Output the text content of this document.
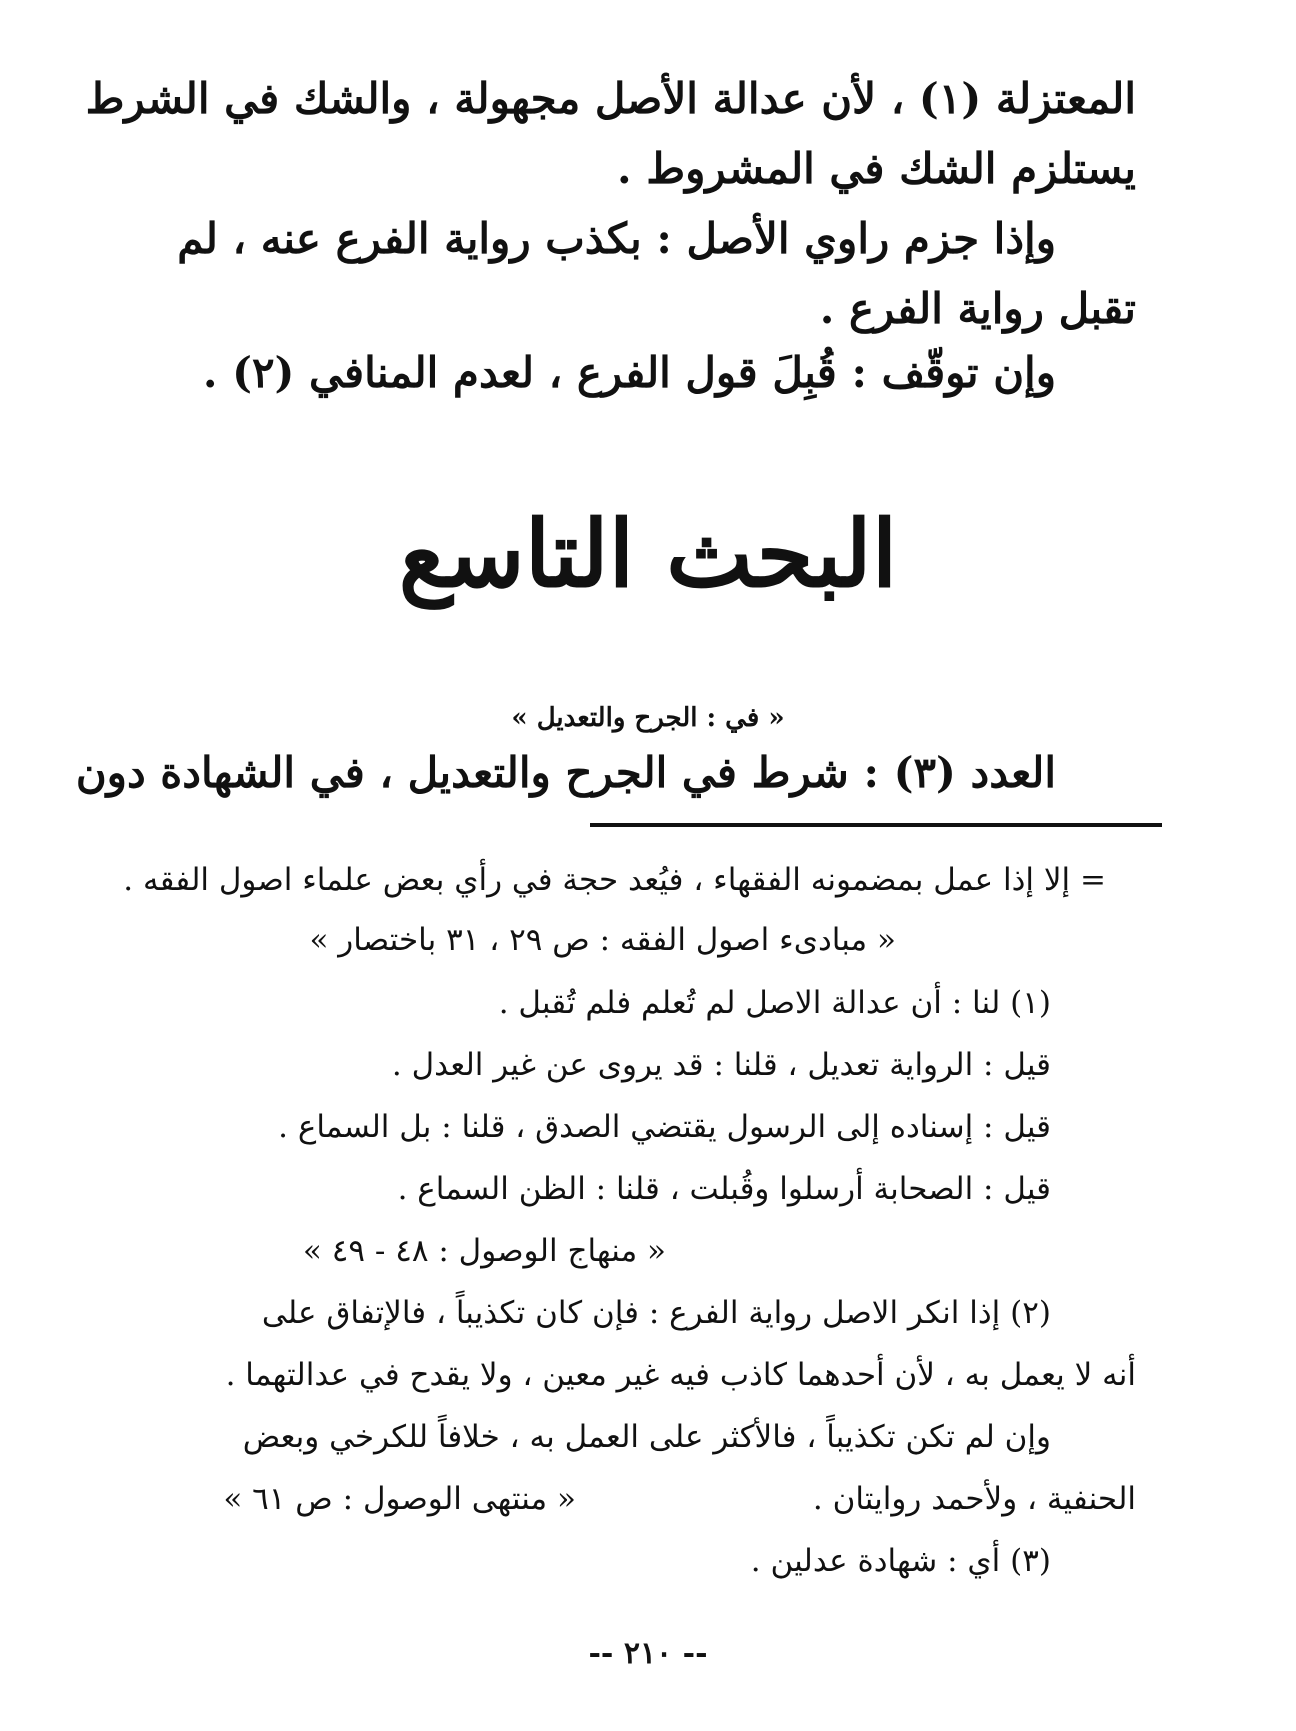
المعتزلة (١) ، لأن عدالة الأصل مجهولة ، والشك في الشرط

يستلزم الشك في المشروط .

وإذا جزم راوي الأصل : بكذب رواية الفرع عنه ، لم

تقبل رواية الفرع .

وإن توقّف : قُبِلَ قول الفرع ، لعدم المنافي (٢) .

البحث التاسع
« في : الجرح والتعديل »

العدد (٣) : شرط في الجرح والتعديل ، في الشهادة دون

= إلا إذا عمل بمضمونه الفقهاء ، فيُعد حجة في رأي بعض علماء اصول الفقه .

« مبادىء اصول الفقه : ص ٢٩ ، ٣١ باختصار »

(١) لنا : أن عدالة الاصل لم تُعلم فلم تُقبل .

قيل : الرواية تعديل ، قلنا : قد يروى عن غير العدل .

قيل : إسناده إلى الرسول يقتضي الصدق ، قلنا : بل السماع .

قيل : الصحابة أرسلوا وقُبلت ، قلنا : الظن السماع .

« منهاج الوصول : ٤٨ - ٤٩ »

(٢) إذا انكر الاصل رواية الفرع : فإن كان تكذيباً ، فالإتفاق على

أنه لا يعمل به ، لأن أحدهما كاذب فيه غير معين ، ولا يقدح في عدالتهما .

وإن لم تكن تكذيباً ، فالأكثر على العمل به ، خلافاً للكرخي وبعض

الحنفية ، ولأحمد روايتان .

« منتهى الوصول : ص ٦١ »

(٣) أي : شهادة عدلين .

-- ٢١٠ --
